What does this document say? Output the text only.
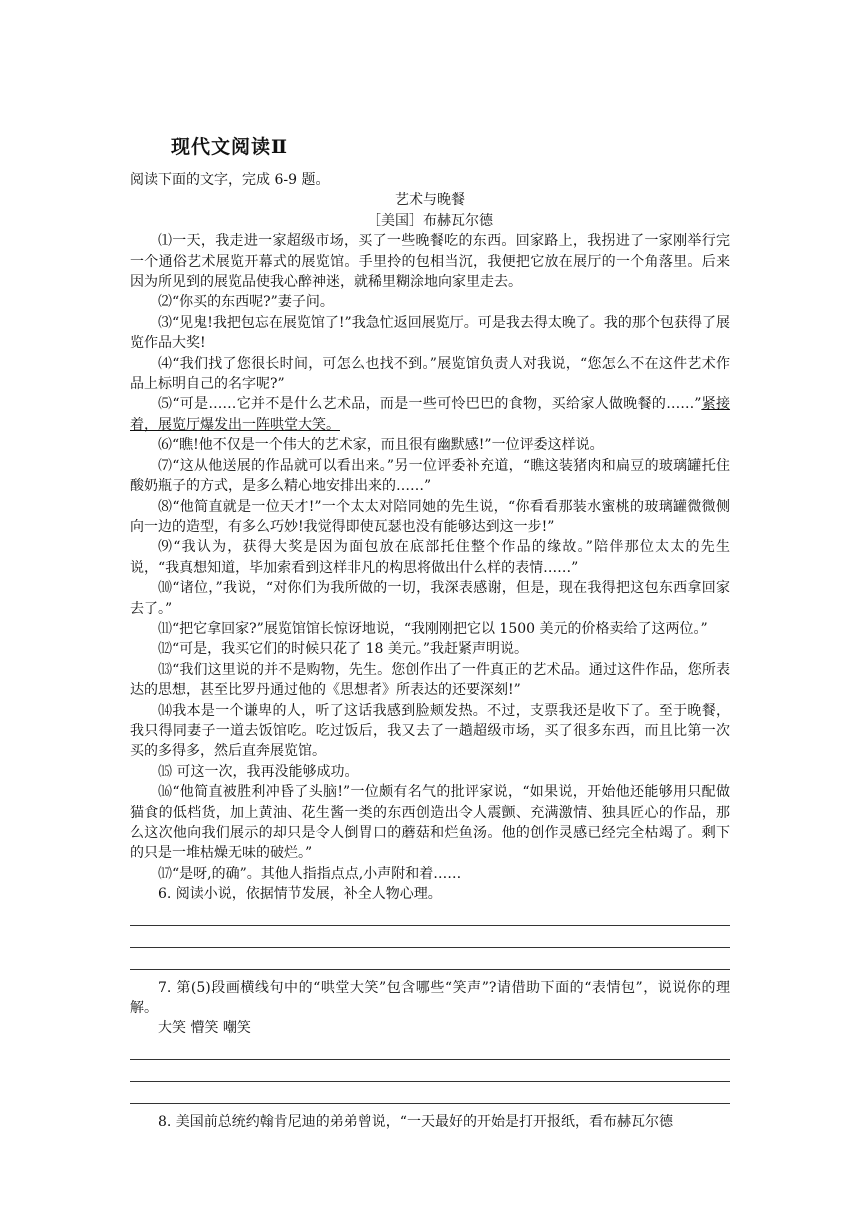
现代文阅读Ⅱ

阅读下面的文字，完成 6-9 题。

艺术与晚餐

［美国］布赫瓦尔德

⑴一天，我走进一家超级市场，买了一些晚餐吃的东西。回家路上，我拐进了一家刚举行完一个通俗艺术展览开幕式的展览馆。手里拎的包相当沉，我便把它放在展厅的一个角落里。后来因为所见到的展览品使我心醉神迷，就稀里糊涂地向家里走去。

⑵“你买的东西呢?”妻子问。

⑶“见鬼!我把包忘在展览馆了!”我急忙返回展览厅。可是我去得太晚了。我的那个包获得了展览作品大奖!

⑷“我们找了您很长时间，可怎么也找不到。”展览馆负责人对我说，“您怎么不在这件艺术作品上标明自己的名字呢?”

⑸“可是……它并不是什么艺术品，而是一些可怜巴巴的食物，买给家人做晚餐的……”紧接着，展览厅爆发出一阵哄堂大笑。

⑹“瞧!他不仅是一个伟大的艺术家，而且很有幽默感!”一位评委这样说。

⑺“这从他送展的作品就可以看出来。”另一位评委补充道，“瞧这装猪肉和扁豆的玻璃罐托住酸奶瓶子的方式，是多么精心地安排出来的……”

⑻“他简直就是一位天才!”一个太太对陪同她的先生说，“你看看那装水蜜桃的玻璃罐微微侧向一边的造型，有多么巧妙!我觉得即使瓦瑟也没有能够达到这一步!”

⑼“我认为，获得大奖是因为面包放在底部托住整个作品的缘故。”陪伴那位太太的先生说，“我真想知道，毕加索看到这样非凡的构思将做出什么样的表情……”

⑽“诸位，”我说，“对你们为我所做的一切，我深表感谢，但是，现在我得把这包东西拿回家去了。”

⑾“把它拿回家?”展览馆馆长惊讶地说，“我刚刚把它以 1500 美元的价格卖给了这两位。”

⑿“可是，我买它们的时候只花了 18 美元。”我赶紧声明说。

⒀“我们这里说的并不是购物，先生。您创作出了一件真正的艺术品。通过这件作品，您所表达的思想，甚至比罗丹通过他的《思想者》所表达的还要深刻!”

⒁我本是一个谦卑的人，听了这话我感到脸颊发热。不过，支票我还是收下了。至于晚餐，我只得同妻子一道去饭馆吃。吃过饭后，我又去了一趟超级市场，买了很多东西，而且比第一次买的多得多，然后直奔展览馆。

⒂ 可这一次，我再没能够成功。

⒃“他简直被胜利冲昏了头脑!”一位颇有名气的批评家说，“如果说，开始他还能够用只配做猫食的低档货，加上黄油、花生酱一类的东西创造出令人震颤、充满激情、独具匠心的作品，那么这次他向我们展示的却只是令人倒胃口的蘑菇和烂鱼汤。他的创作灵感已经完全枯竭了。剩下的只是一堆枯燥无味的破烂。”

⒄“是呀,的确”。其他人指指点点,小声附和着……

6. 阅读小说，依据情节发展，补全人物心理。

7. 第(5)段画横线句中的“哄堂大笑”包含哪些“笑声”?请借助下面的“表情包”，说说你的理解。

大笑 懵笑 嘲笑

8. 美国前总统约翰肯尼迪的弟弟曾说，“一天最好的开始是打开报纸，看布赫瓦尔德
